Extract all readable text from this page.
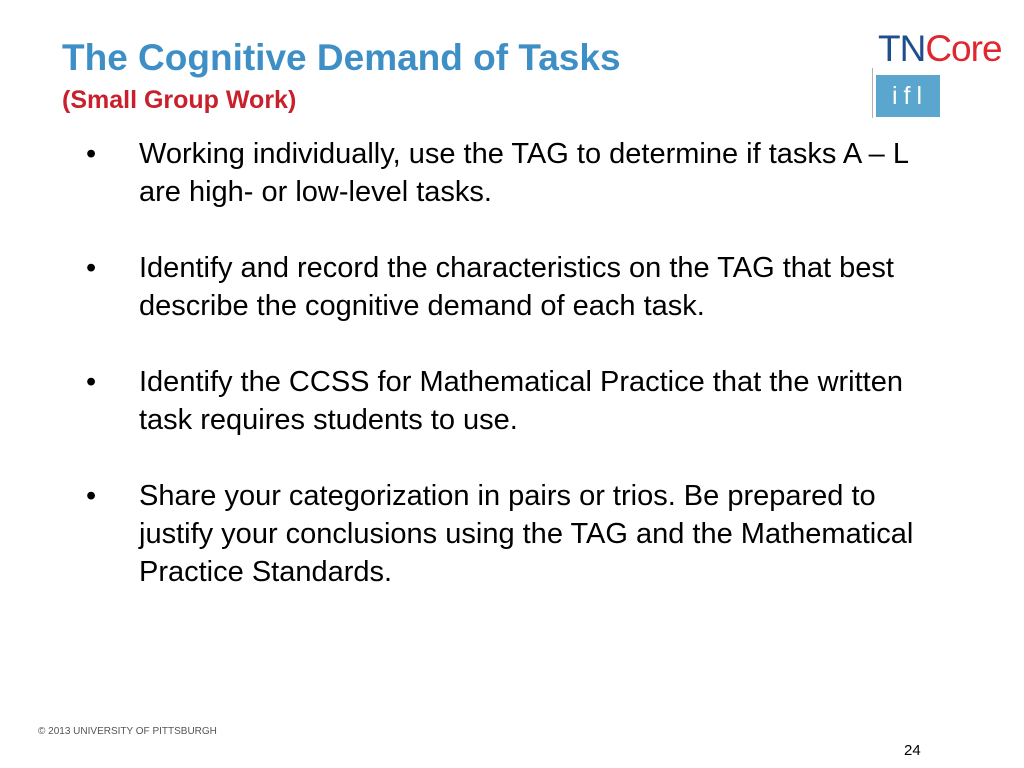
The Cognitive Demand of Tasks
(Small Group Work)
TNCore
ifl
•	Working individually, use the TAG to determine if tasks A – L are high- or low-level tasks.
•	Identify and record the characteristics on the TAG that best describe the cognitive demand of each task.
•	Identify the CCSS for Mathematical Practice that the written task requires students to use.
•	Share your categorization in pairs or trios. Be prepared to justify your conclusions using the TAG and the Mathematical Practice Standards.
© 2013 UNIVERSITY OF PITTSBURGH
24
